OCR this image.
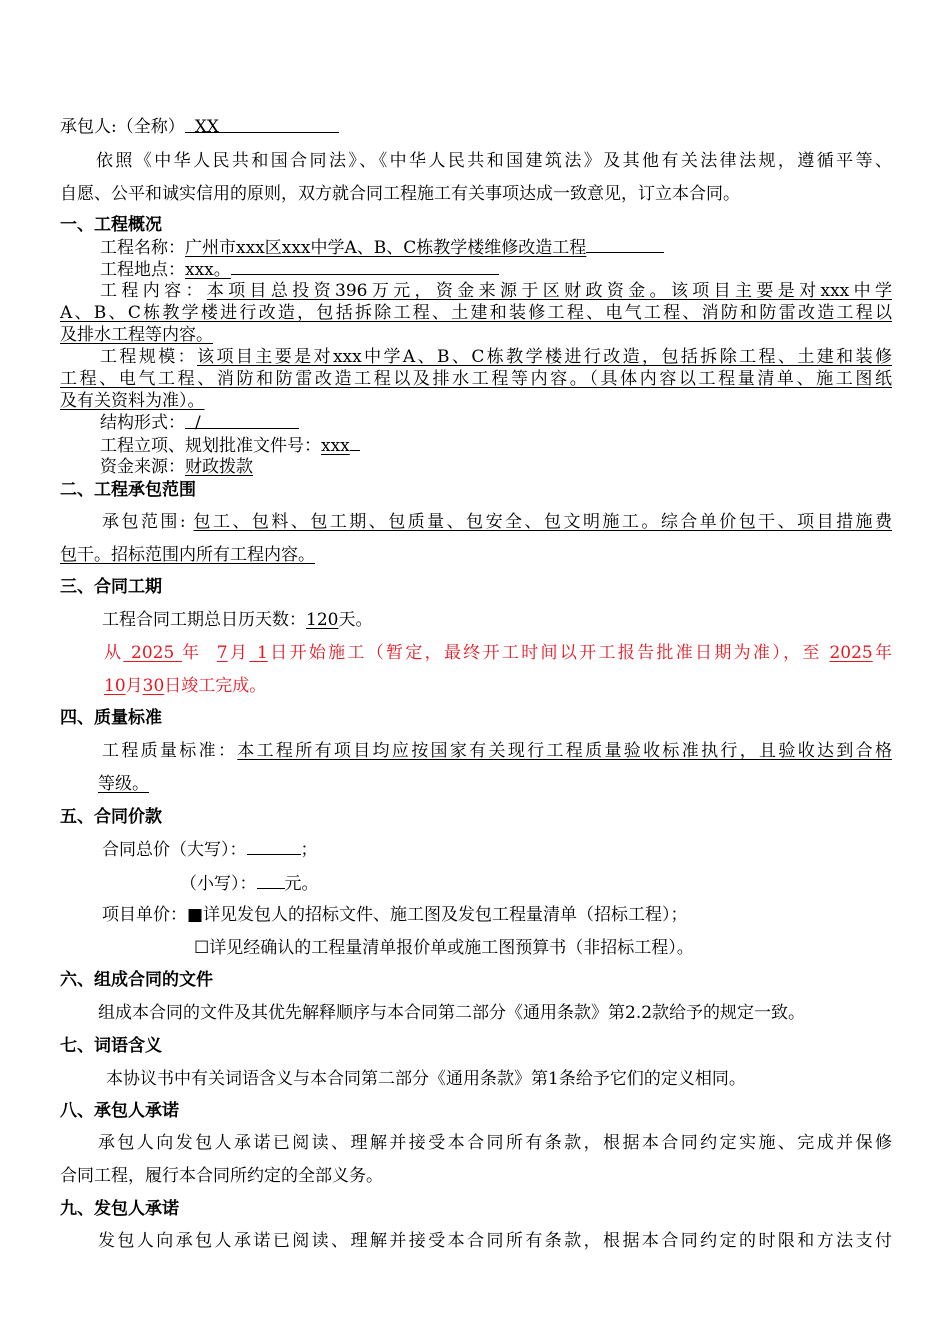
承包人:（全称） XX
依照《中华人民共和国合同法》、《中华人民共和国建筑法》及其他有关法律法规，遵循平等、
自愿、公平和诚实信用的原则，双方就合同工程施工有关事项达成一致意见，订立本合同。
一、工程概况
工程名称：广州市xxx区xxx中学A、B、C栋教学楼维修改造工程
工程地点：xxx。
工程内容：本项目总投资396万元，资金来源于区财政资金。该项目主要是对xxx中学
A、B、C栋教学楼进行改造，包括拆除工程、土建和装修工程、电气工程、消防和防雷改造工程以
及排水工程等内容。
工程规模：该项目主要是对xxx中学A、B、C栋教学楼进行改造，包括拆除工程、土建和装修
工程、电气工程、消防和防雷改造工程以及排水工程等内容。（具体内容以工程量清单、施工图纸
及有关资料为准）。
结构形式： /
工程立项、规划批准文件号：xxx
资金来源：财政拨款
二、工程承包范围
承包范围: 包工、包料、包工期、包质量、包安全、包文明施工。综合单价包干、项目措施费
包干。招标范围内所有工程内容。
三、合同工期
工程合同工期总日历天数：120天。
从 2025 年 7月 1日开始施工（暂定，最终开工时间以开工报告批准日期为准），至 2025年
10月30日竣工完成。
四、质量标准
工程质量标准：本工程所有项目均应按国家有关现行工程质量验收标准执行，且验收达到合格
等级。
五、合同价款
合同总价（大写）：	；
（小写）： 元。
项目单价：■详见发包人的招标文件、施工图及发包工程量清单（招标工程）；
☐详见经确认的工程量清单报价单或施工图预算书（非招标工程）。
六、组成合同的文件
组成本合同的文件及其优先解释顺序与本合同第二部分《通用条款》第2.2款给予的规定一致。
七、词语含义
本协议书中有关词语含义与本合同第二部分《通用条款》第1条给予它们的定义相同。
八、承包人承诺
承包人向发包人承诺已阅读、理解并接受本合同所有条款，根据本合同约定实施、完成并保修
合同工程，履行本合同所约定的全部义务。
九、发包人承诺
发包人向承包人承诺已阅读、理解并接受本合同所有条款，根据本合同约定的时限和方法支付
